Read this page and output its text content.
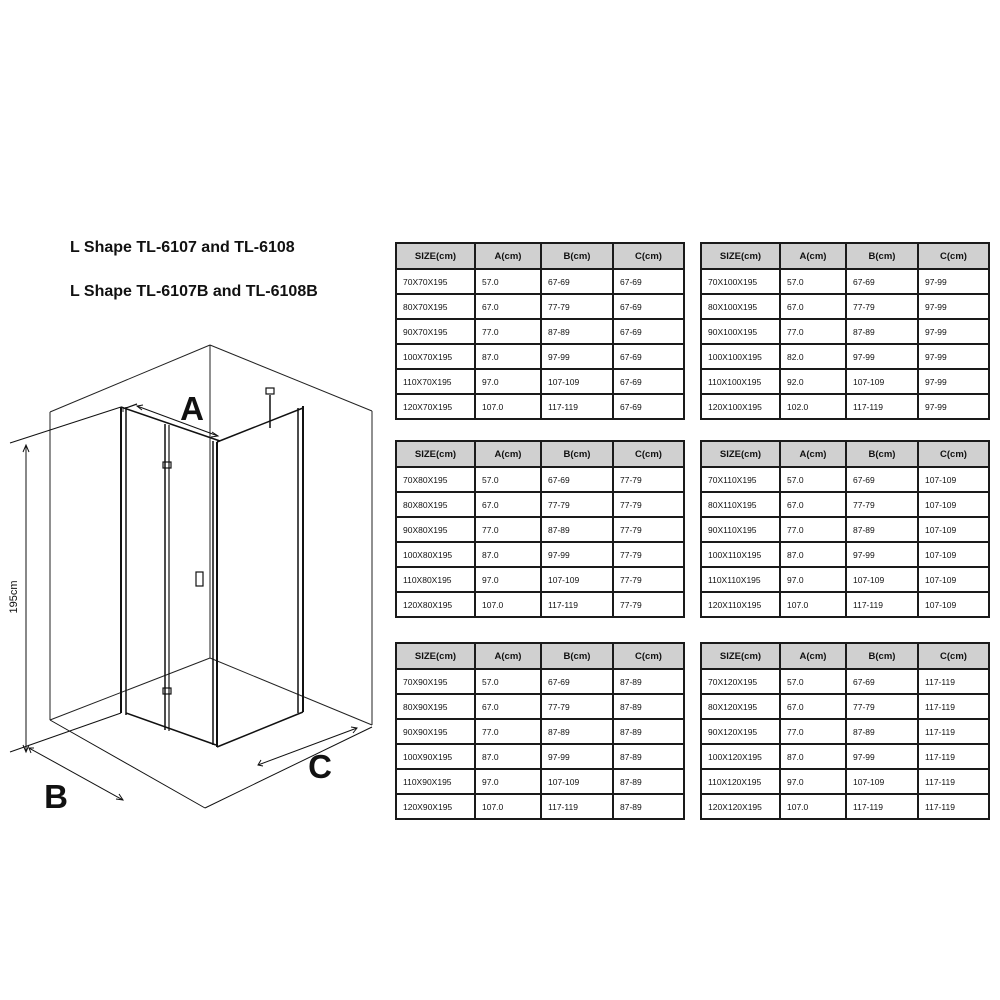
L Shape TL-6107 and TL-6108
L Shape TL-6107B and TL-6108B
A
B
C
195cm
SIZE(cm)	A(cm)	B(cm)	C(cm)
70X70X195	57.0	67-69	67-69
80X70X195	67.0	77-79	67-69
90X70X195	77.0	87-89	67-69
100X70X195	87.0	97-99	67-69
110X70X195	97.0	107-109	67-69
120X70X195	107.0	117-119	67-69
SIZE(cm)	A(cm)	B(cm)	C(cm)
70X100X195	57.0	67-69	97-99
80X100X195	67.0	77-79	97-99
90X100X195	77.0	87-89	97-99
100X100X195	82.0	97-99	97-99
110X100X195	92.0	107-109	97-99
120X100X195	102.0	117-119	97-99
SIZE(cm)	A(cm)	B(cm)	C(cm)
70X80X195	57.0	67-69	77-79
80X80X195	67.0	77-79	77-79
90X80X195	77.0	87-89	77-79
100X80X195	87.0	97-99	77-79
110X80X195	97.0	107-109	77-79
120X80X195	107.0	117-119	77-79
SIZE(cm)	A(cm)	B(cm)	C(cm)
70X110X195	57.0	67-69	107-109
80X110X195	67.0	77-79	107-109
90X110X195	77.0	87-89	107-109
100X110X195	87.0	97-99	107-109
110X110X195	97.0	107-109	107-109
120X110X195	107.0	117-119	107-109
SIZE(cm)	A(cm)	B(cm)	C(cm)
70X90X195	57.0	67-69	87-89
80X90X195	67.0	77-79	87-89
90X90X195	77.0	87-89	87-89
100X90X195	87.0	97-99	87-89
110X90X195	97.0	107-109	87-89
120X90X195	107.0	117-119	87-89
SIZE(cm)	A(cm)	B(cm)	C(cm)
70X120X195	57.0	67-69	117-119
80X120X195	67.0	77-79	117-119
90X120X195	77.0	87-89	117-119
100X120X195	87.0	97-99	117-119
110X120X195	97.0	107-109	117-119
120X120X195	107.0	117-119	117-119
